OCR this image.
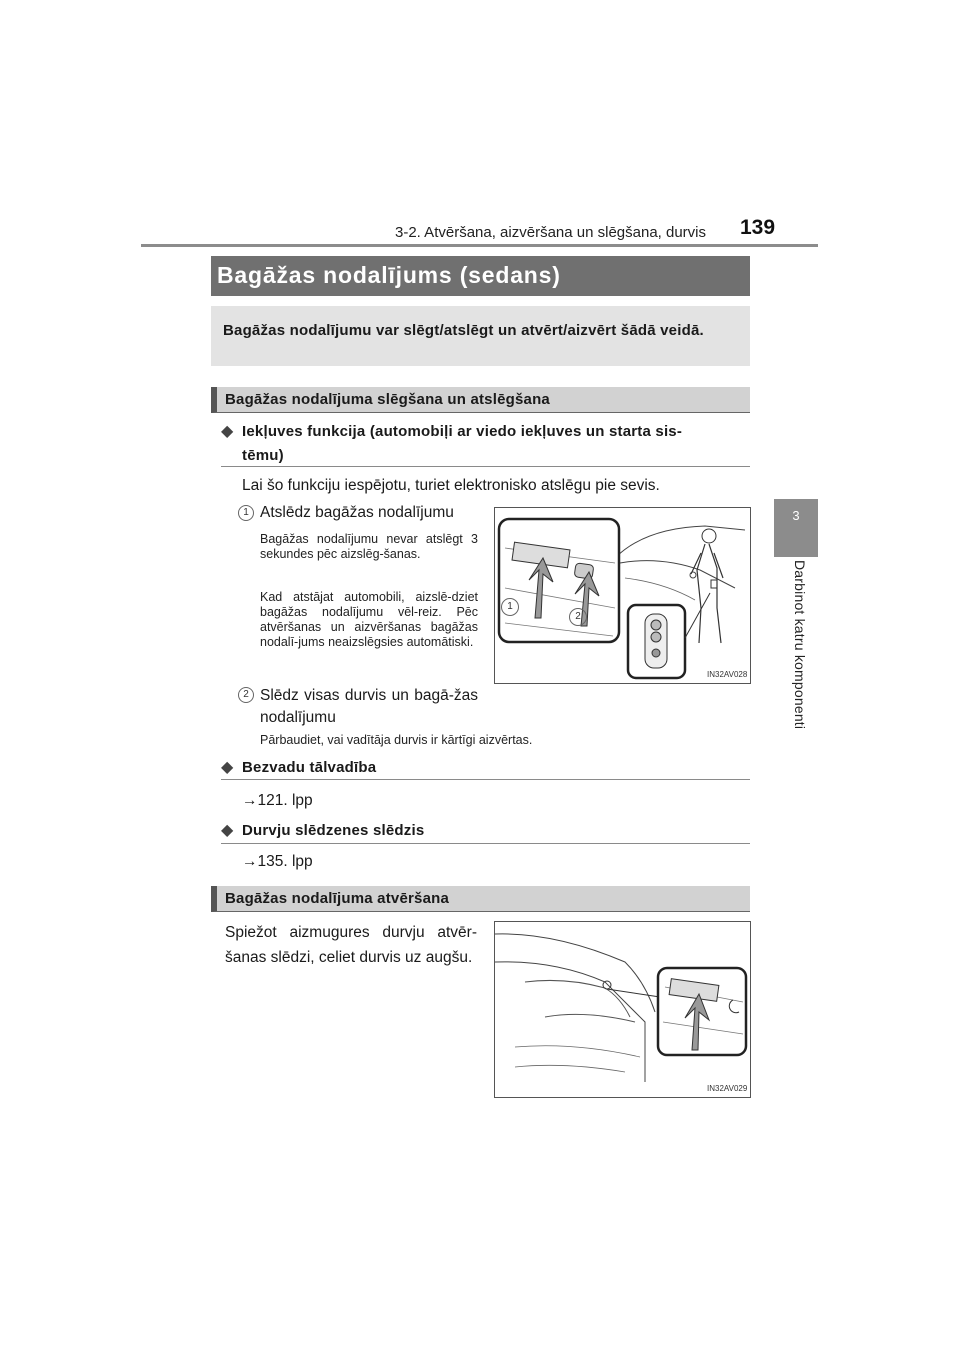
3-2. Atvēršana, aizvēršana un slēgšana, durvis 139
3
Darbinot katru komponenti
Bagāžas nodalījums (sedans)

Bagāžas nodalījumu var slēgt/atslēgt un atvērt/aizvērt šādā veidā.

Bagāžas nodalījuma slēgšana un atslēgšana
◆ Iekļuves funkcija (automobiļi ar viedo iekļuves un starta sis-
tēmu)
Lai šo funkciju iespējotu, turiet elektronisko atslēgu pie sevis.
1 Atslēdz bagāžas nodalījumu
Bagāžas nodalījumu nevar atslēgt 3 sekundes pēc aizslēg-šanas.
Kad atstājat automobili, aizslē-dziet bagāžas nodalījumu vēl-reiz. Pēc atvēršanas un aizvēršanas bagāžas nodalī-jums neaizslēgsies automātiski.
2 Slēdz visas durvis un bagā-žas nodalījumu
Pārbaudiet, vai vadītāja durvis ir kārtīgi aizvērtas.
1
2
IN32AV028
◆ Bezvadu tālvadība
→121. lpp
◆ Durvju slēdzenes slēdzis
→135. lpp
Bagāžas nodalījuma atvēršana
Spiežot aizmugures durvju atvēr-šanas slēdzi, celiet durvis uz augšu.
IN32AV029
